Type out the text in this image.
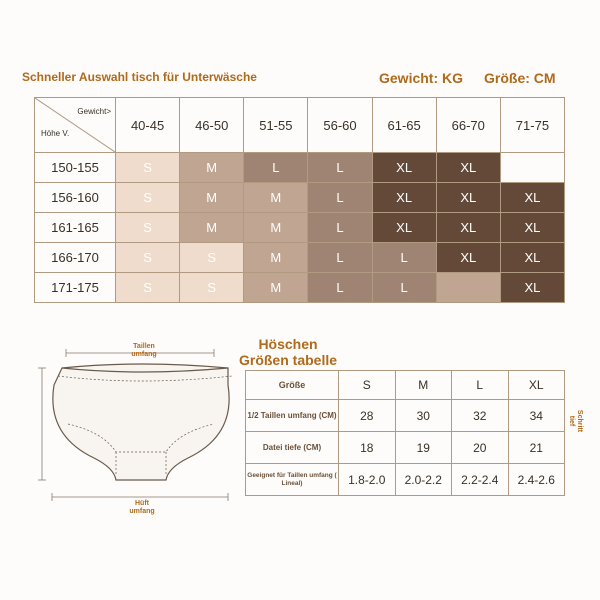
Schneller Auswahl tisch für Unterwäsche	Gewicht: KG Größe: CM
Gewicht>
Höhe V.	40-45	46-50	51-55	56-60	61-65	66-70	71-75
150-155	S	M	L	L	XL	XL	
156-160	S	M	M	L	XL	XL	XL
161-165	S	M	M	L	XL	XL	XL
166-170	S	S	M	L	L	XL	XL
171-175	S	S	M	L	L		XL
Höschen Größen tabelle
Größe	S	M	L	XL
1/2 Taillen umfang (CM)	28	30	32	34
Datei tiefe (CM)	18	19	20	21
Geeignet für Taillen umfang ( Lineal)	1.8-2.0	2.0-2.2	2.2-2.4	2.4-2.6
Taillen umfang
Hüft umfang
Schritt tief
